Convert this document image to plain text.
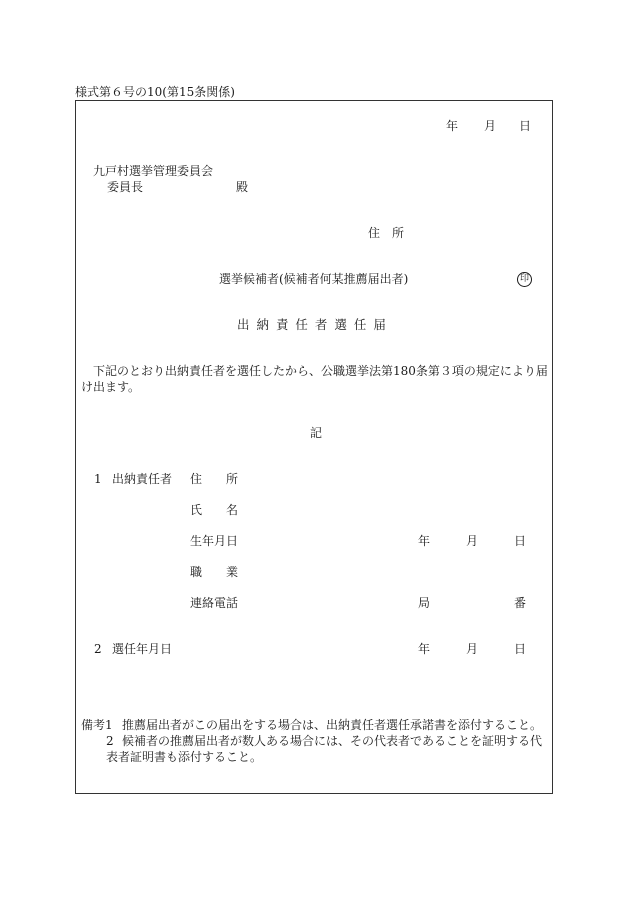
様式第６号の10(第15条関係)
年 月 日
九戸村選挙管理委員会
委員長	殿
住　所
選挙候補者(候補者何某推薦届出者)	印
出 納 責 任 者 選 任 届
下記のとおり出納責任者を選任したから、公職選挙法第180条第３項の規定により届
け出ます。
記
1 出納責任者 住　　所
氏　　名
生年月日	年	月	日
職　　業
連絡電話	局	番
2 選任年月日	年	月	日
備考1 推薦届出者がこの届出をする場合は、出納責任者選任承諾書を添付すること。
2 候補者の推薦届出者が数人ある場合には、その代表者であることを証明する代
表者証明書も添付すること。
